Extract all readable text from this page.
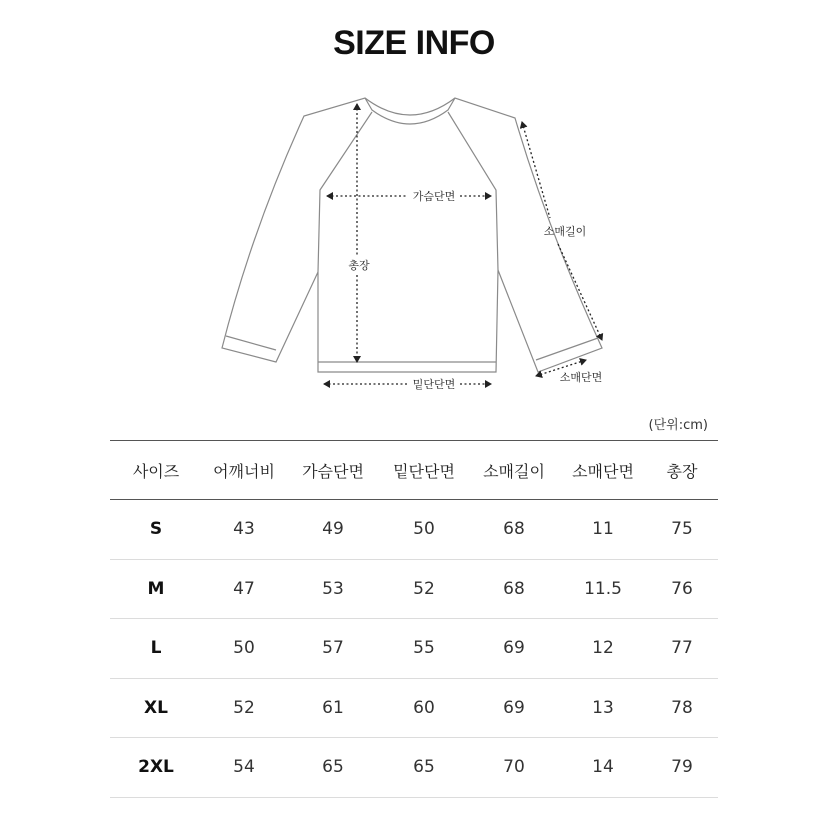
SIZE INFO
총장
가슴단면
밑단단면
소매길이
소매단면
(단위:cm)
사이즈	어깨너비	가슴단면	밑단단면	소매길이	소매단면	총장
S	43	49	50	68	11	75
M	47	53	52	68	11.5	76
L	50	57	55	69	12	77
XL	52	61	60	69	13	78
2XL	54	65	65	70	14	79
